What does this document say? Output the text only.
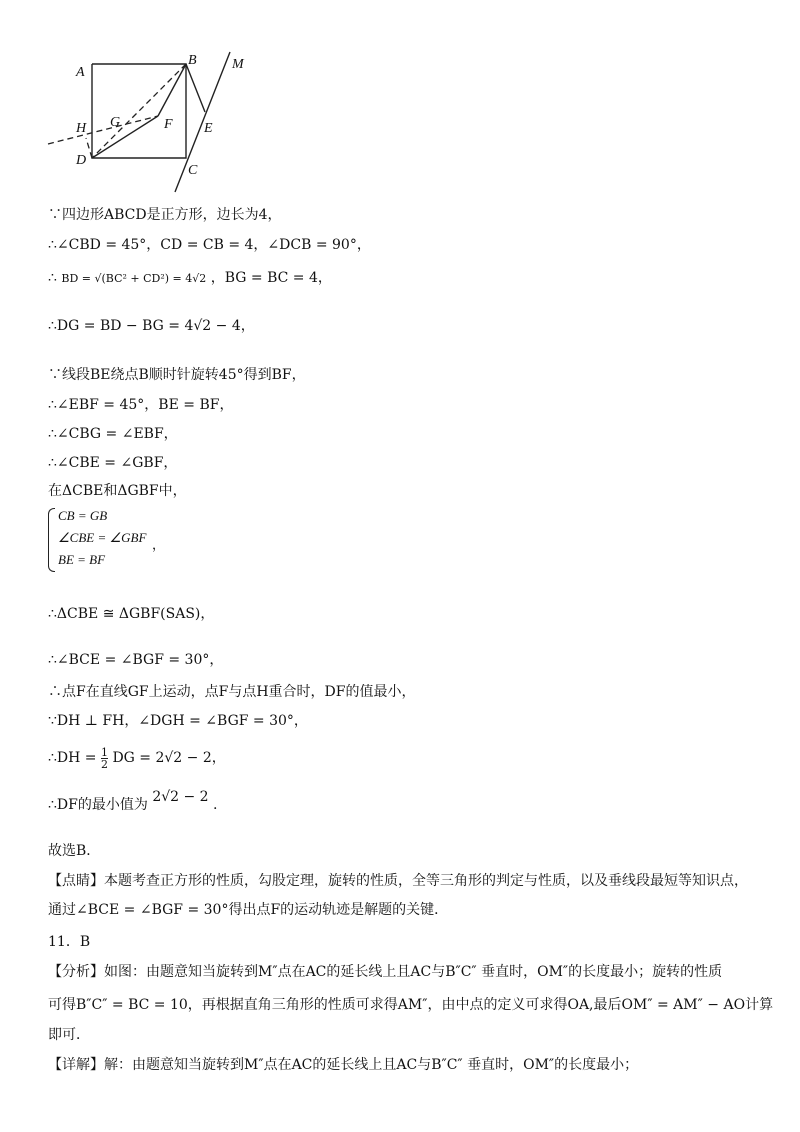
A
B	M
H G	F E
D
C
∵四边形ABCD是正方形，边长为4，
∴∠CBD = 45°，CD = CB = 4，∠DCB = 90°，
∴ BD = √(BC² + CD²) = 4√2 ，BG = BC = 4，
∴DG = BD − BG = 4√2 − 4，
∵线段BE绕点B顺时针旋转45°得到BF，
∴∠EBF = 45°，BE = BF，
∴∠CBG = ∠EBF，
∴∠CBE = ∠GBF，
在ΔCBE和ΔGBF中，
CB = GB
∠CBE = ∠GBF
BE = BF
，
∴ΔCBE ≅ ΔGBF(SAS)，
∴∠BCE = ∠BGF = 30°，
∴点F在直线GF上运动，点F与点H重合时，DF的值最小，
∵DH ⊥ FH，∠DGH = ∠BGF = 30°，
∴DH = $\frac{1}{2}$ DG = 2√2 − 2，
∴DF的最小值为 2√2 − 2 .
故选B．
【点睛】本题考查正方形的性质，勾股定理，旋转的性质，全等三角形的判定与性质，以及垂线段最短等知识点，
通过∠BCE = ∠BGF = 30°得出点F的运动轨迹是解题的关键．
11．B
【分析】如图：由题意知当旋转到M″点在AC的延长线上且AC与B″C″ 垂直时，OM″的长度最小；旋转的性质
可得B″C″ = BC = 10，再根据直角三角形的性质可求得AM″，由中点的定义可求得OA,最后OM″ = AM″ − AO计算
即可．
【详解】解：由题意知当旋转到M″点在AC的延长线上且AC与B″C″ 垂直时，OM″的长度最小；
